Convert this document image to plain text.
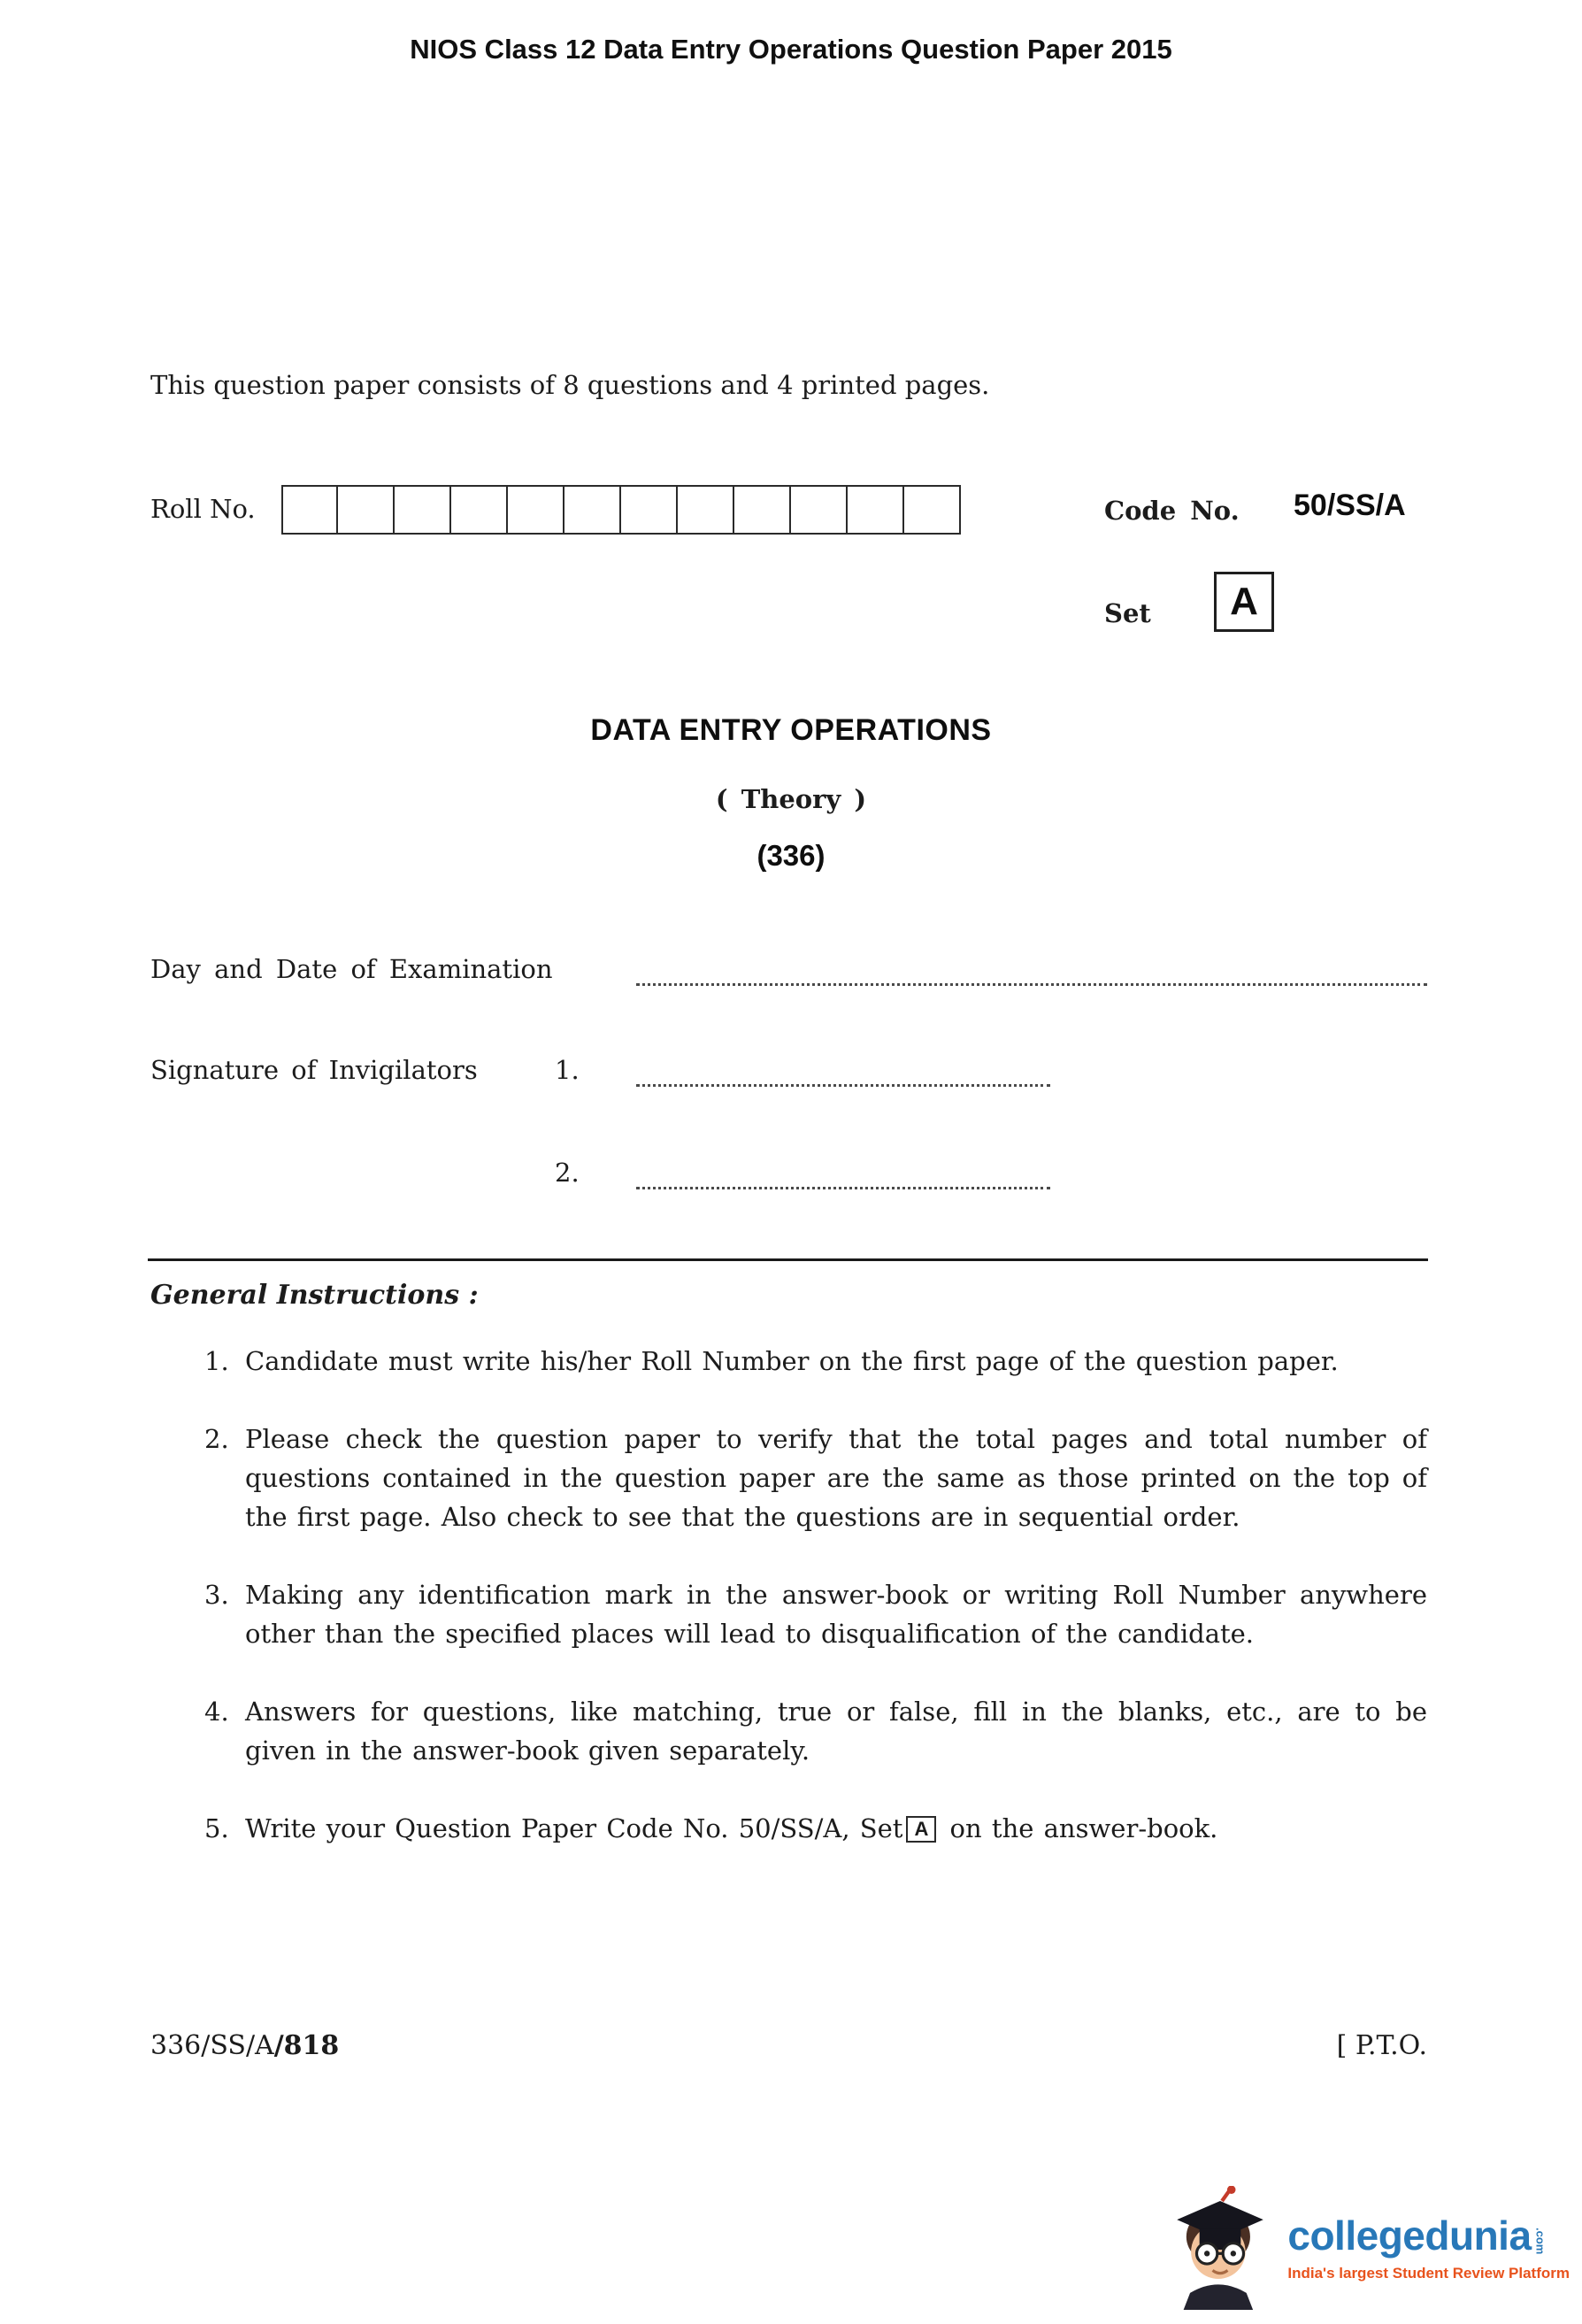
NIOS Class 12 Data Entry Operations Question Paper 2015
This question paper consists of 8 questions and 4 printed pages.
Roll No.	Code No. 50/SS/A
Set	A
DATA ENTRY OPERATIONS
( Theory )
(336)
Day and Date of Examination
Signature of Invigilators	1.
2.
General Instructions :
1. Candidate must write his/her Roll Number on the first page of the question paper.
2. Please check the question paper to verify that the total pages and total number of questions contained in the question paper are the same as those printed on the top of the first page. Also check to see that the questions are in sequential order.
3. Making any identification mark in the answer-book or writing Roll Number anywhere other than the specified places will lead to disqualification of the candidate.
4. Answers for questions, like matching, true or false, fill in the blanks, etc., are to be given in the answer-book given separately.
5. Write your Question Paper Code No. 50/SS/A, Set A on the answer-book.
336/SS/A/818	[ P.T.O.
collegedunia .com
India's largest Student Review Platform
